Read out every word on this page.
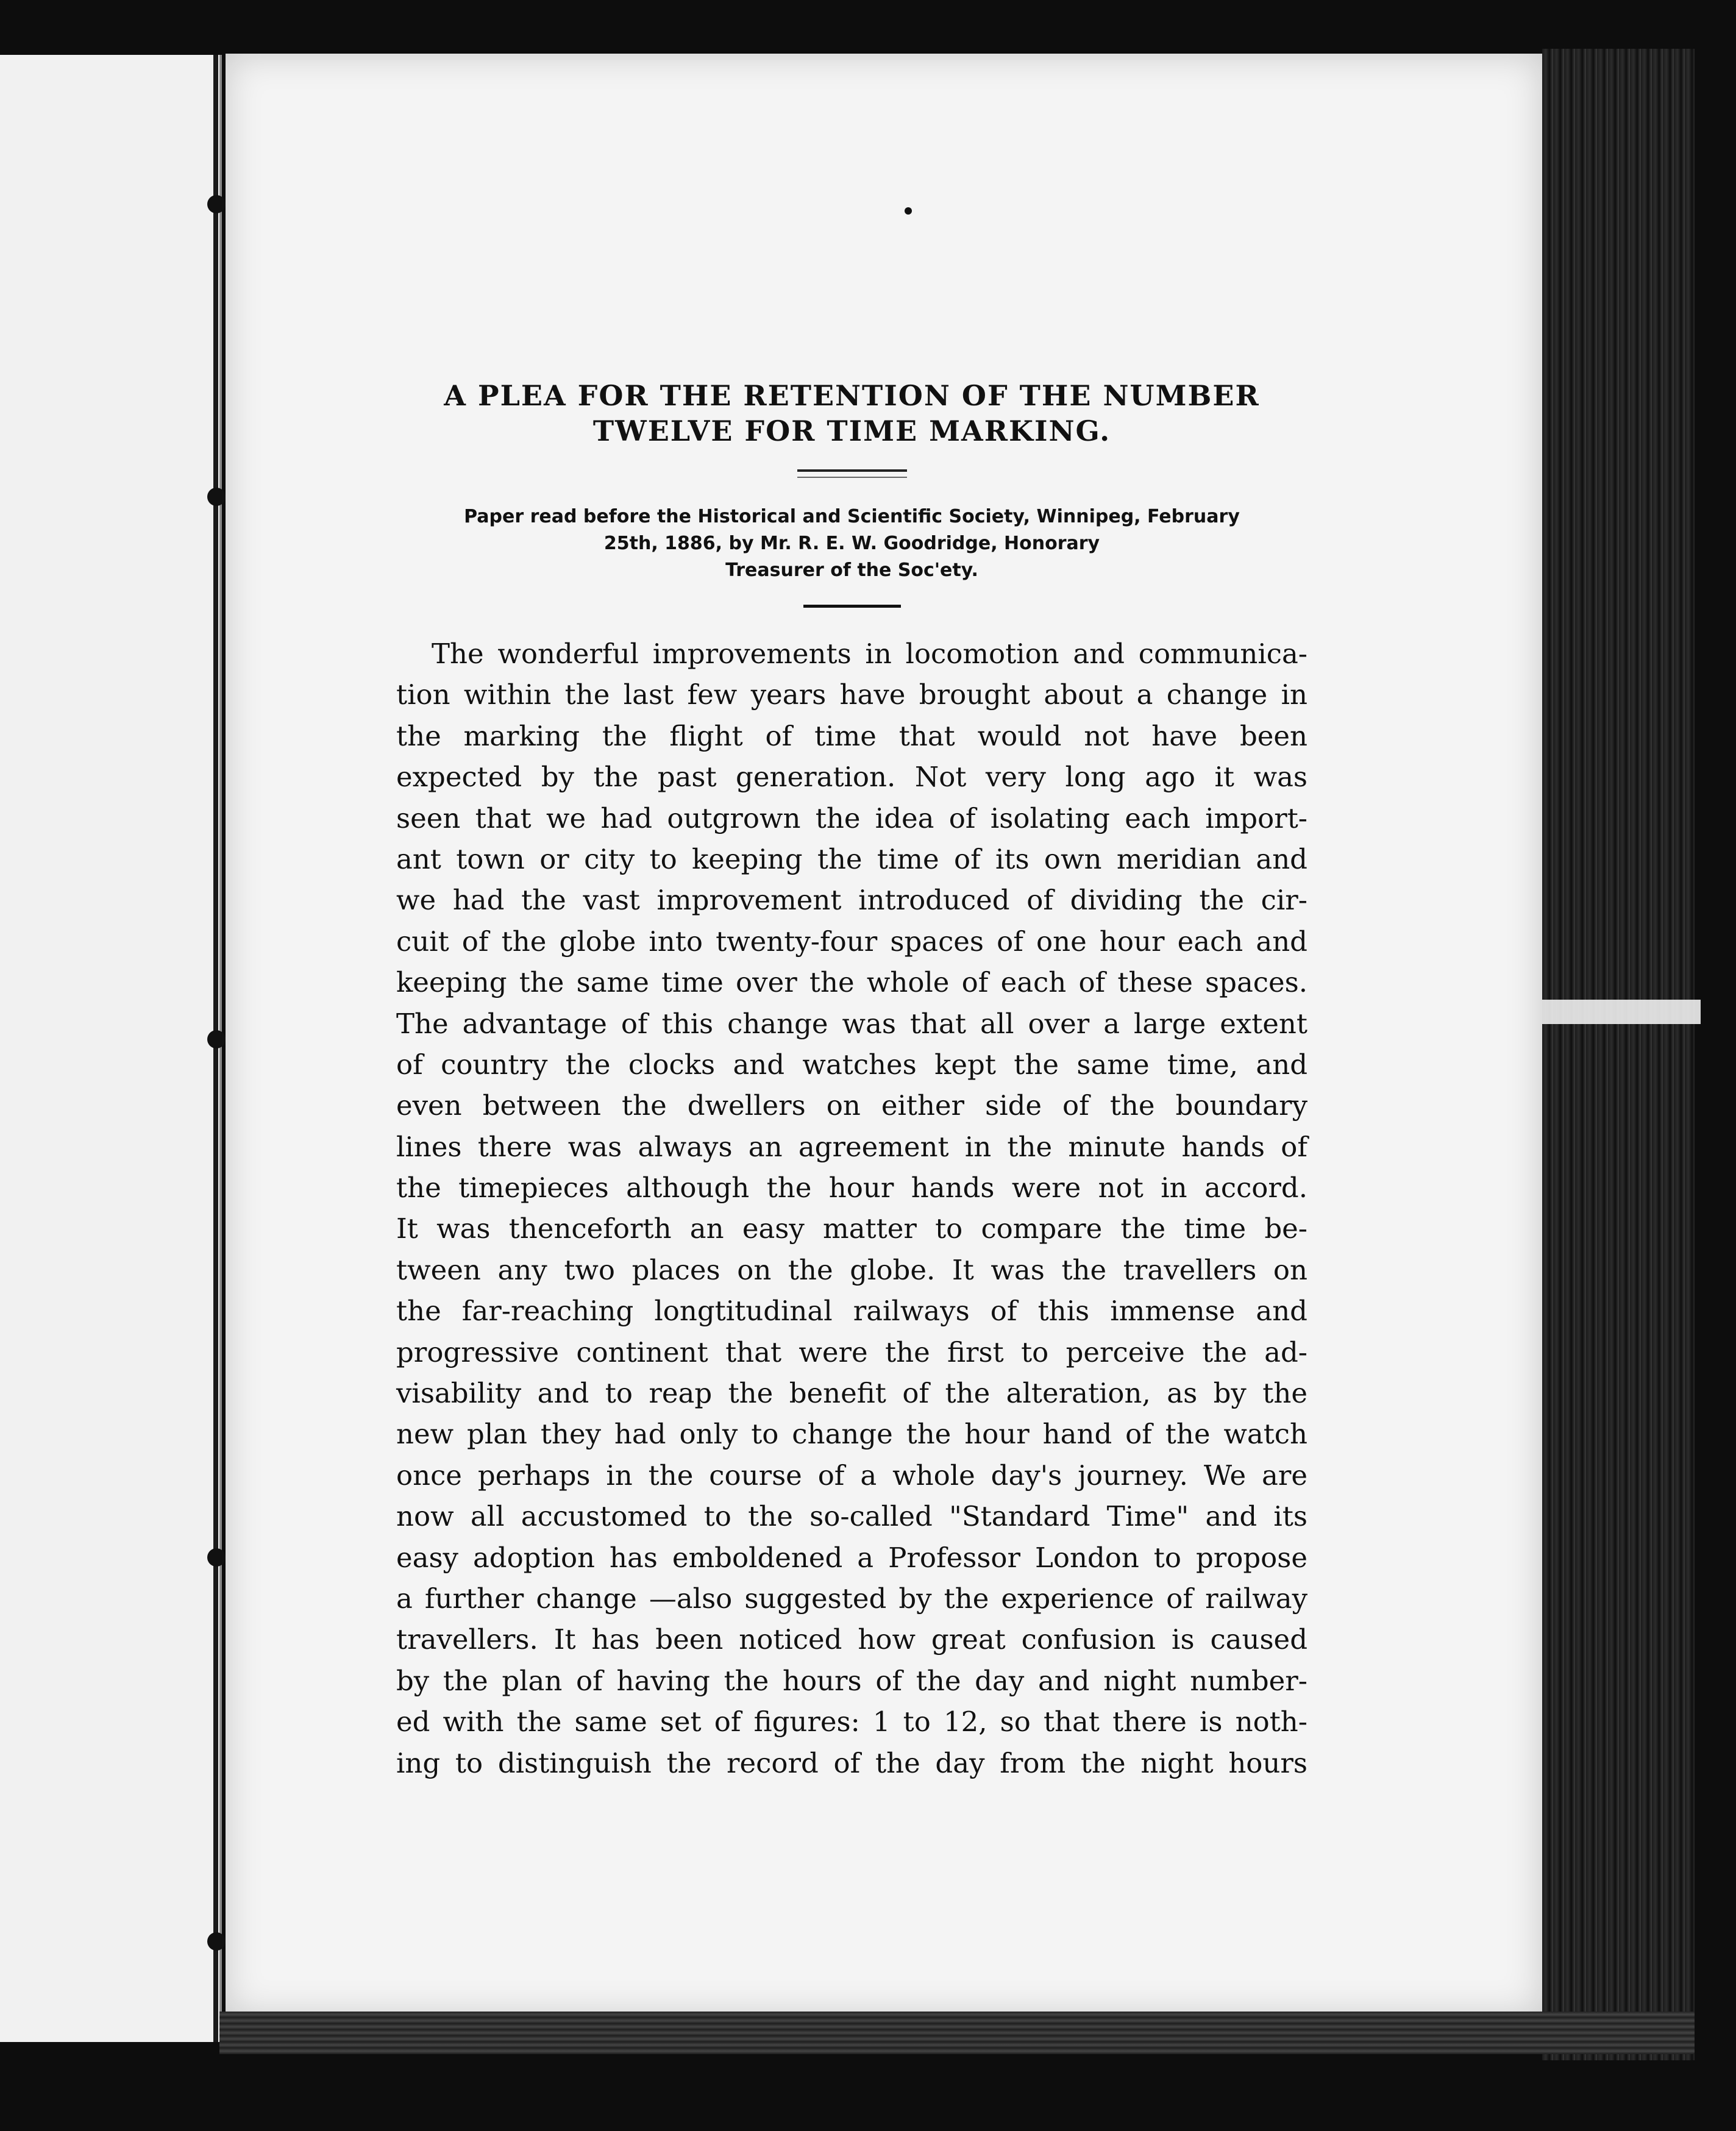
A PLEA FOR THE RETENTION OF THE NUMBER
TWELVE FOR TIME MARKING.

Paper read before the Historical and Scientific Society, Winnipeg, February
25th, 1886, by Mr. R. E. W. Goodridge, Honorary
Treasurer of the Soc'ety.

The wonderful improvements in locomotion and communica-
tion within the last few years have brought about a change in
the marking the flight of time that would not have been
expected by the past generation. Not very long ago it was
seen that we had outgrown the idea of isolating each import-
ant town or city to keeping the time of its own meridian and
we had the vast improvement introduced of dividing the cir-
cuit of the globe into twenty-four spaces of one hour each and
keeping the same time over the whole of each of these spaces.
The advantage of this change was that all over a large extent
of country the clocks and watches kept the same time, and
even between the dwellers on either side of the boundary
lines there was always an agreement in the minute hands of
the timepieces although the hour hands were not in accord.
It was thenceforth an easy matter to compare the time be-
tween any two places on the globe. It was the travellers on
the far-reaching longtitudinal railways of this immense and
progressive continent that were the first to perceive the ad-
visability and to reap the benefit of the alteration, as by the
new plan they had only to change the hour hand of the watch
once perhaps in the course of a whole day's journey. We are
now all accustomed to the so-called "Standard Time" and its
easy adoption has emboldened a Professor London to propose
a further change —also suggested by the experience of railway
travellers. It has been noticed how great confusion is caused
by the plan of having the hours of the day and night number-
ed with the same set of figures: 1 to 12, so that there is noth-
ing to distinguish the record of the day from the night hours
